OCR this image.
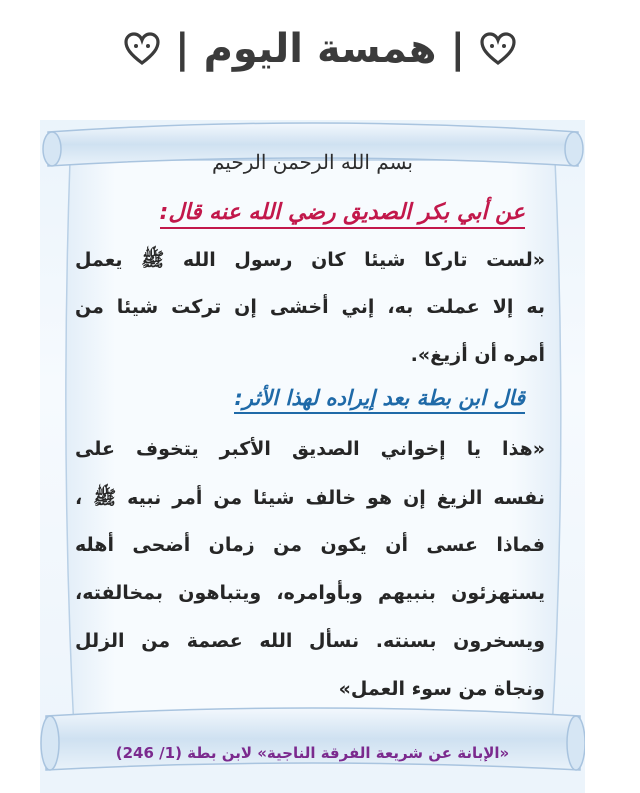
|
همسة اليوم
|
بسم الله الرحمن الرحيم
عن أبي بكر الصديق رضي الله عنه قال:
«لست تاركا شيئا كان رسول الله ﷺ يعمل
به إلا عملت به، إني أخشى إن تركت شيئا من
أمره أن أزيغ».
قال ابن بطة بعد إيراده لهذا الأثر:
«هذا يا إخواني الصديق الأكبر يتخوف على
نفسه الزيغ إن هو خالف شيئا من أمر نبيه ﷺ ،
فماذا عسى أن يكون من زمان أضحى أهله
يستهزئون بنبيهم وبأوامره، ويتباهون بمخالفته،
ويسخرون بسنته. نسأل الله عصمة من الزلل
ونجاة من سوء العمل»
«الإبانة عن شريعة الفرقة الناجية» لابن بطة (1/ 246)
